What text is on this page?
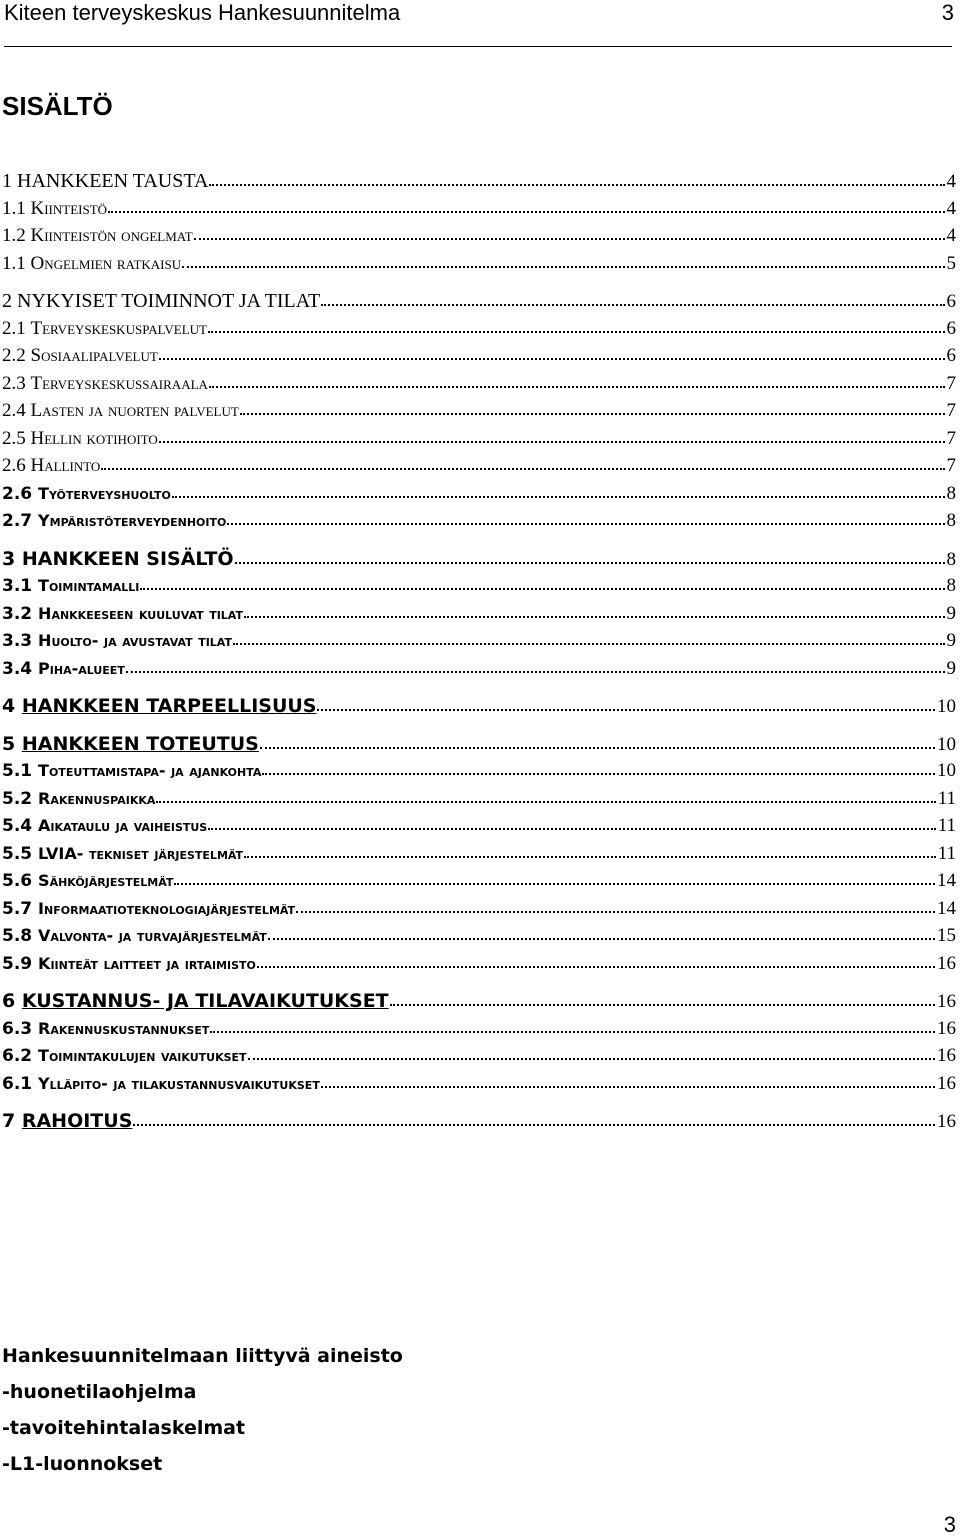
Kiteen terveyskeskus Hankesuunnitelma	3
SISÄLTÖ
1 HANKKEEN TAUSTA	4
1.1 Kiinteistö	4
1.2 Kiinteistön ongelmat	4
1.1 Ongelmien ratkaisu	5
2 NYKYISET TOIMINNOT JA TILAT	6
2.1 Terveyskeskuspalvelut	6
2.2 Sosiaalipalvelut	6
2.3 Terveyskeskussairaala	7
2.4 Lasten ja nuorten palvelut	7
2.5 Hellin kotihoito	7
2.6 Hallinto	7
2.6 Työterveyshuolto	8
2.7 Ympäristöterveydenhoito	8
3 HANKKEEN SISÄLTÖ	8
3.1 Toimintamalli	8
3.2 Hankkeeseen kuuluvat tilat	9
3.3 Huolto- ja avustavat tilat	9
3.4 Piha-alueet	9
4 HANKKEEN TARPEELLISUUS	10
5 HANKKEEN TOTEUTUS	10
5.1 Toteuttamistapa- ja ajankohta	10
5.2 Rakennuspaikka	11
5.4 Aikataulu ja vaiheistus	11
5.5 LVIA- tekniset järjestelmät	11
5.6 Sähköjärjestelmät	14
5.7 Informaatioteknologiajärjestelmät	14
5.8 Valvonta- ja turvajärjestelmät	15
5.9 Kiinteät laitteet ja irtaimisto	16
6 KUSTANNUS- JA TILAVAIKUTUKSET	16
6.3 Rakennuskustannukset	16
6.2 Toimintakulujen vaikutukset	16
6.1 Ylläpito- ja tilakustannusvaikutukset	16
7 RAHOITUS	16
Hankesuunnitelmaan liittyvä aineisto
-huonetilaohjelma
-tavoitehintalaskelmat
-L1-luonnokset
3
